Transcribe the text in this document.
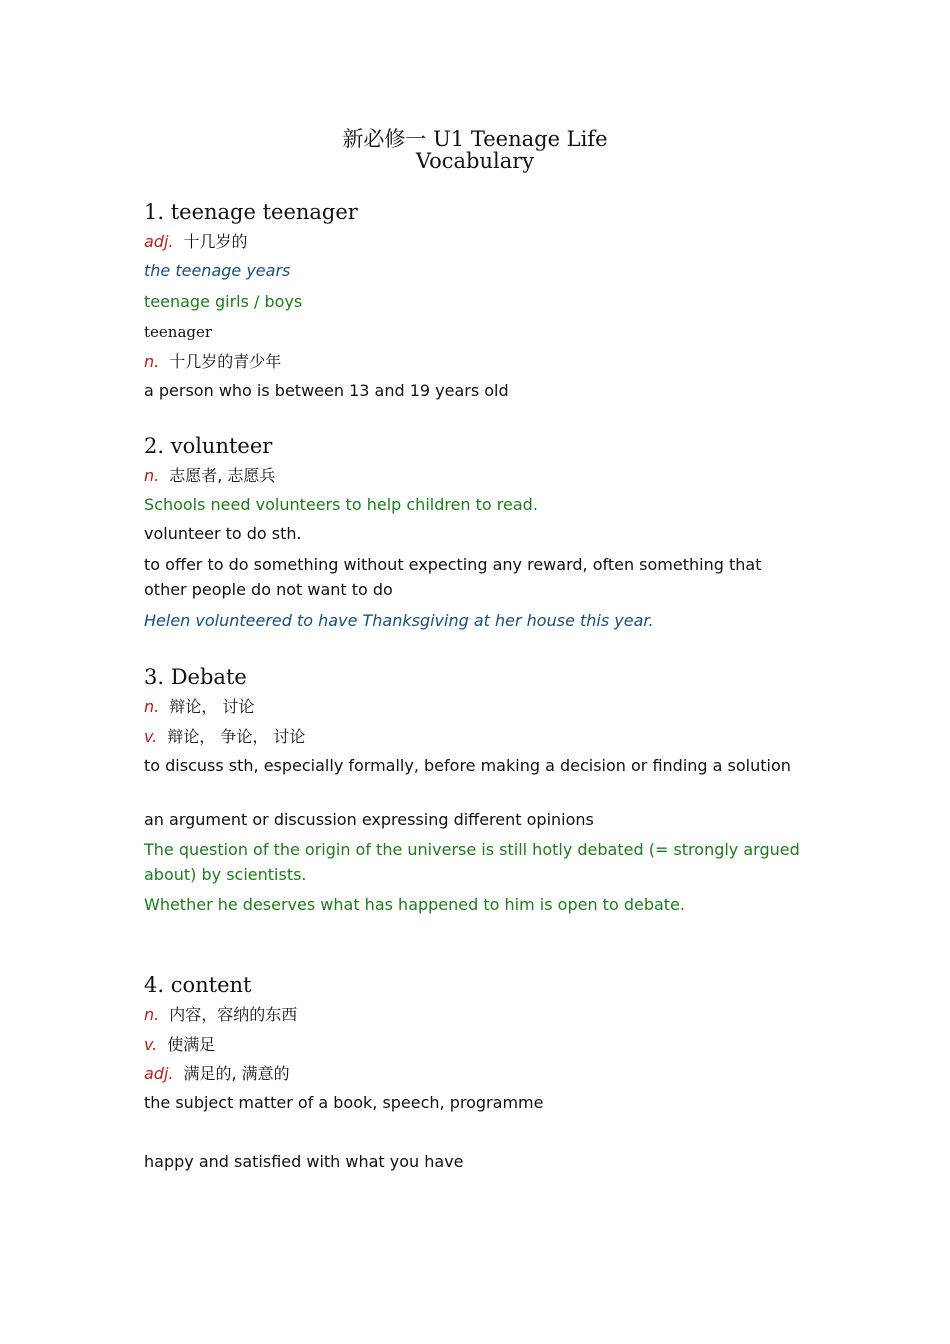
新必修一 U1 Teenage Life
Vocabulary
1. teenage teenager
adj. 十几岁的
the teenage years
teenage girls / boys
teenager
n. 十几岁的青少年
a person who is between 13 and 19 years old
2. volunteer
n. 志愿者, 志愿兵
Schools need volunteers to help children to read.
volunteer to do sth.
to offer to do something without expecting any reward, often something that other people do not want to do
Helen volunteered to have Thanksgiving at her house this year.
3. Debate
n. 辩论， 讨论
v. 辩论， 争论， 讨论
to discuss sth, especially formally, before making a decision or finding a solution
an argument or discussion expressing different opinions
The question of the origin of the universe is still hotly debated (= strongly argued about) by scientists.
Whether he deserves what has happened to him is open to debate.
4. content
n. 内容，容纳的东西
v. 使满足
adj. 满足的, 满意的
the subject matter of a book, speech, programme
happy and satisfied with what you have
